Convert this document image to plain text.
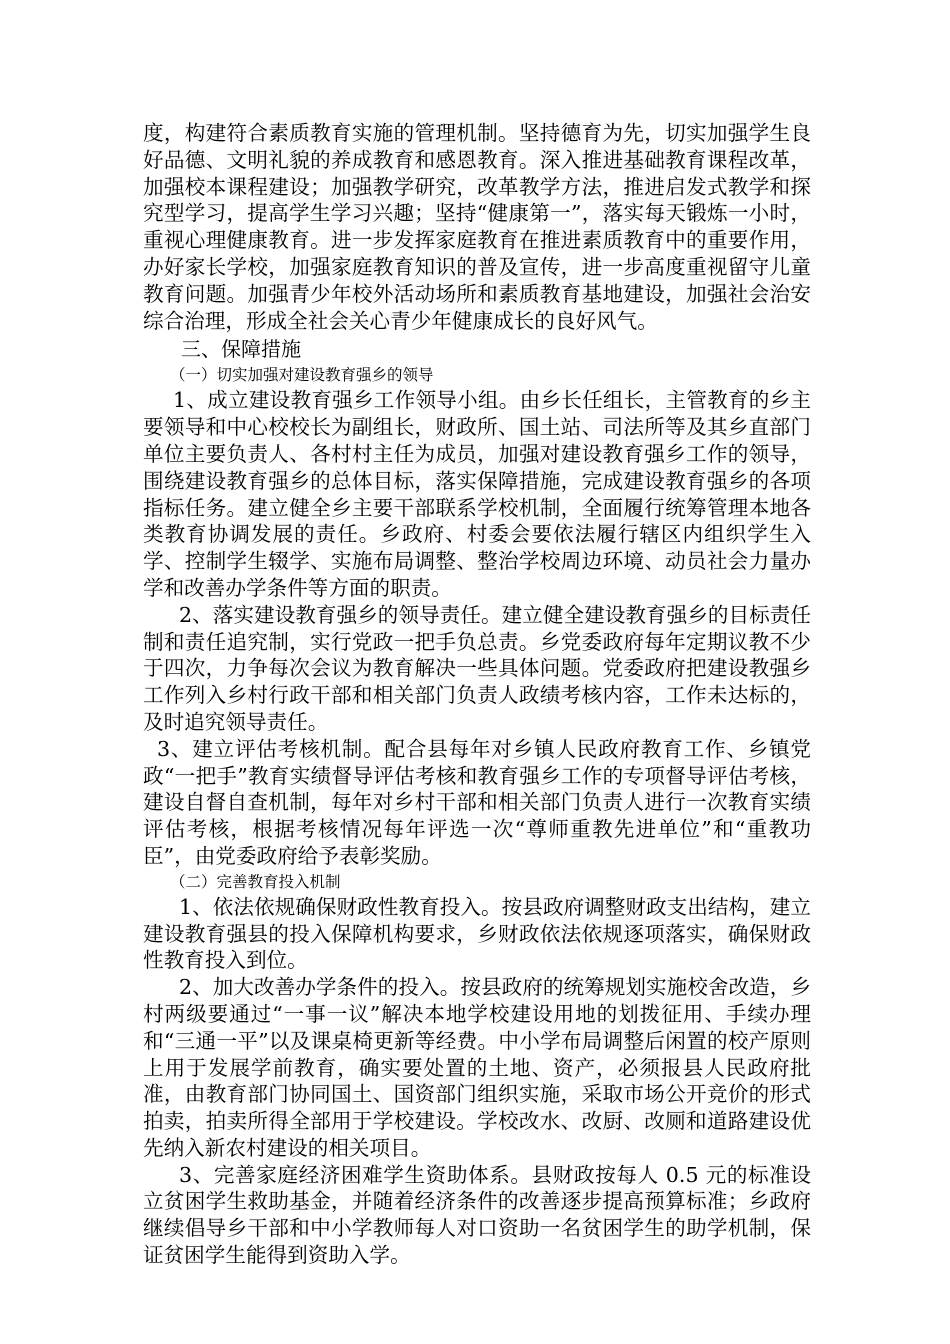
度，构建符合素质教育实施的管理机制。坚持德育为先，切实加强学生良好品德、文明礼貌的养成教育和感恩教育。深入推进基础教育课程改革，加强校本课程建设；加强教学研究，改革教学方法，推进启发式教学和探究型学习，提高学生学习兴趣；坚持“健康第一”，落实每天锻炼一小时，重视心理健康教育。进一步发挥家庭教育在推进素质教育中的重要作用，办好家长学校，加强家庭教育知识的普及宣传，进一步高度重视留守儿童教育问题。加强青少年校外活动场所和素质教育基地建设，加强社会治安综合治理，形成全社会关心青少年健康成长的良好风气。

三、保障措施

（一）切实加强对建设教育强乡的领导

1、成立建设教育强乡工作领导小组。由乡长任组长，主管教育的乡主要领导和中心校校长为副组长，财政所、国土站、司法所等及其乡直部门单位主要负责人、各村村主任为成员，加强对建设教育强乡工作的领导，围绕建设教育强乡的总体目标，落实保障措施，完成建设教育强乡的各项指标任务。建立健全乡主要干部联系学校机制，全面履行统筹管理本地各类教育协调发展的责任。乡政府、村委会要依法履行辖区内组织学生入学、控制学生辍学、实施布局调整、整治学校周边环境、动员社会力量办学和改善办学条件等方面的职责。

2、落实建设教育强乡的领导责任。建立健全建设教育强乡的目标责任制和责任追究制，实行党政一把手负总责。乡党委政府每年定期议教不少于四次，力争每次会议为教育解决一些具体问题。党委政府把建设教强乡工作列入乡村行政干部和相关部门负责人政绩考核内容，工作未达标的，及时追究领导责任。

3、建立评估考核机制。配合县每年对乡镇人民政府教育工作、乡镇党政“一把手”教育实绩督导评估考核和教育强乡工作的专项督导评估考核，建设自督自查机制，每年对乡村干部和相关部门负责人进行一次教育实绩评估考核，根据考核情况每年评选一次“尊师重教先进单位”和“重教功臣”，由党委政府给予表彰奖励。

（二）完善教育投入机制

1、依法依规确保财政性教育投入。按县政府调整财政支出结构，建立建设教育强县的投入保障机构要求，乡财政依法依规逐项落实，确保财政性教育投入到位。

2、加大改善办学条件的投入。按县政府的统筹规划实施校舍改造，乡村两级要通过“一事一议”解决本地学校建设用地的划拨征用、手续办理和“三通一平”以及课桌椅更新等经费。中小学布局调整后闲置的校产原则上用于发展学前教育，确实要处置的土地、资产，必须报县人民政府批准，由教育部门协同国土、国资部门组织实施，采取市场公开竞价的形式拍卖，拍卖所得全部用于学校建设。学校改水、改厨、改厕和道路建设优先纳入新农村建设的相关项目。

3、完善家庭经济困难学生资助体系。县财政按每人 0.5 元的标准设立贫困学生救助基金，并随着经济条件的改善逐步提高预算标准；乡政府继续倡导乡干部和中小学教师每人对口资助一名贫困学生的助学机制，保证贫困学生能得到资助入学。
